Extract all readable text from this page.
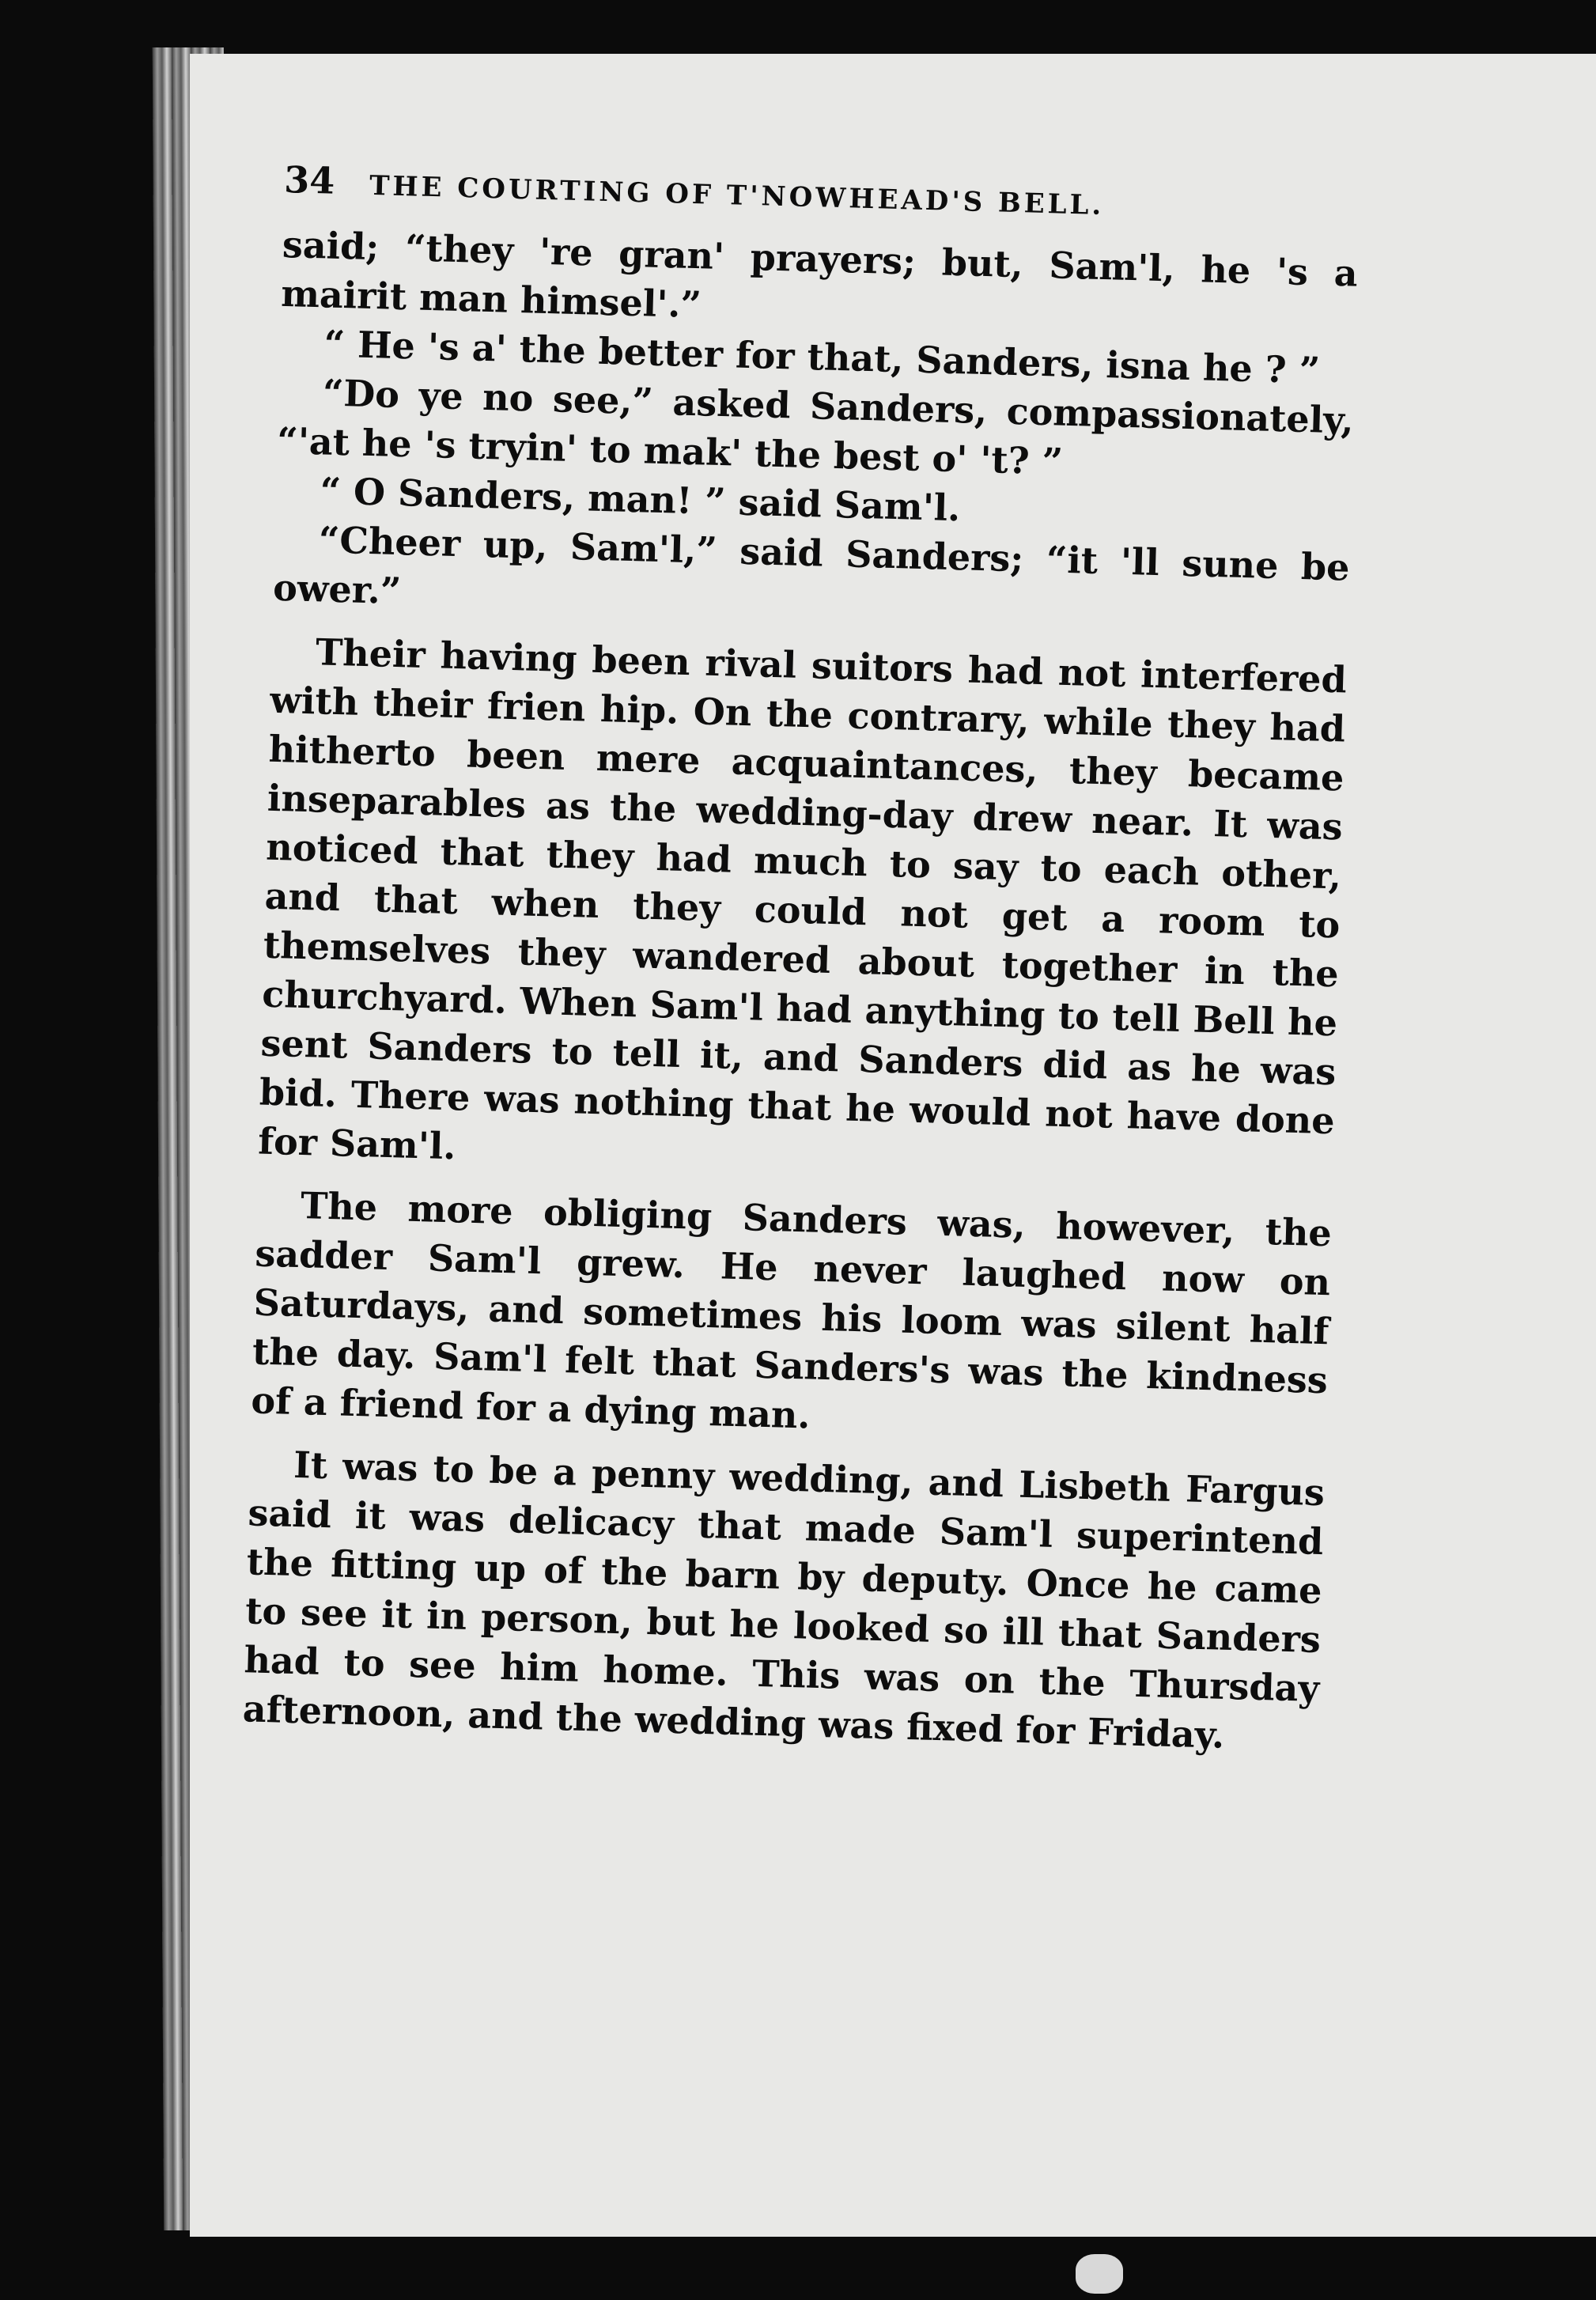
34 THE COURTING OF T'NOWHEAD'S BELL.

said; “they 're gran' prayers; but, Sam'l, he 's a mairit man himsel'.”

“ He 's a' the better for that, Sanders, isna he ? ”

“Do ye no see,” asked Sanders, compassionately, “'at he 's tryin' to mak' the best o' 't? ”

“ O Sanders, man! ” said Sam'l.

“Cheer up, Sam'l,” said Sanders; “it 'll sune be ower.”

Their having been rival suitors had not interfered with their frien hip. On the contrary, while they had hitherto been mere acquaintances, they became inseparables as the wedding-day drew near. It was noticed that they had much to say to each other, and that when they could not get a room to themselves they wandered about together in the churchyard. When Sam'l had anything to tell Bell he sent Sanders to tell it, and Sanders did as he was bid. There was nothing that he would not have done for Sam'l.

The more obliging Sanders was, however, the sadder Sam'l grew. He never laughed now on Saturdays, and sometimes his loom was silent half the day. Sam'l felt that Sanders's was the kindness of a friend for a dying man.

It was to be a penny wedding, and Lisbeth Fargus said it was delicacy that made Sam'l superintend the fitting up of the barn by deputy. Once he came to see it in person, but he looked so ill that Sanders had to see him home. This was on the Thursday afternoon, and the wedding was fixed for Friday.
